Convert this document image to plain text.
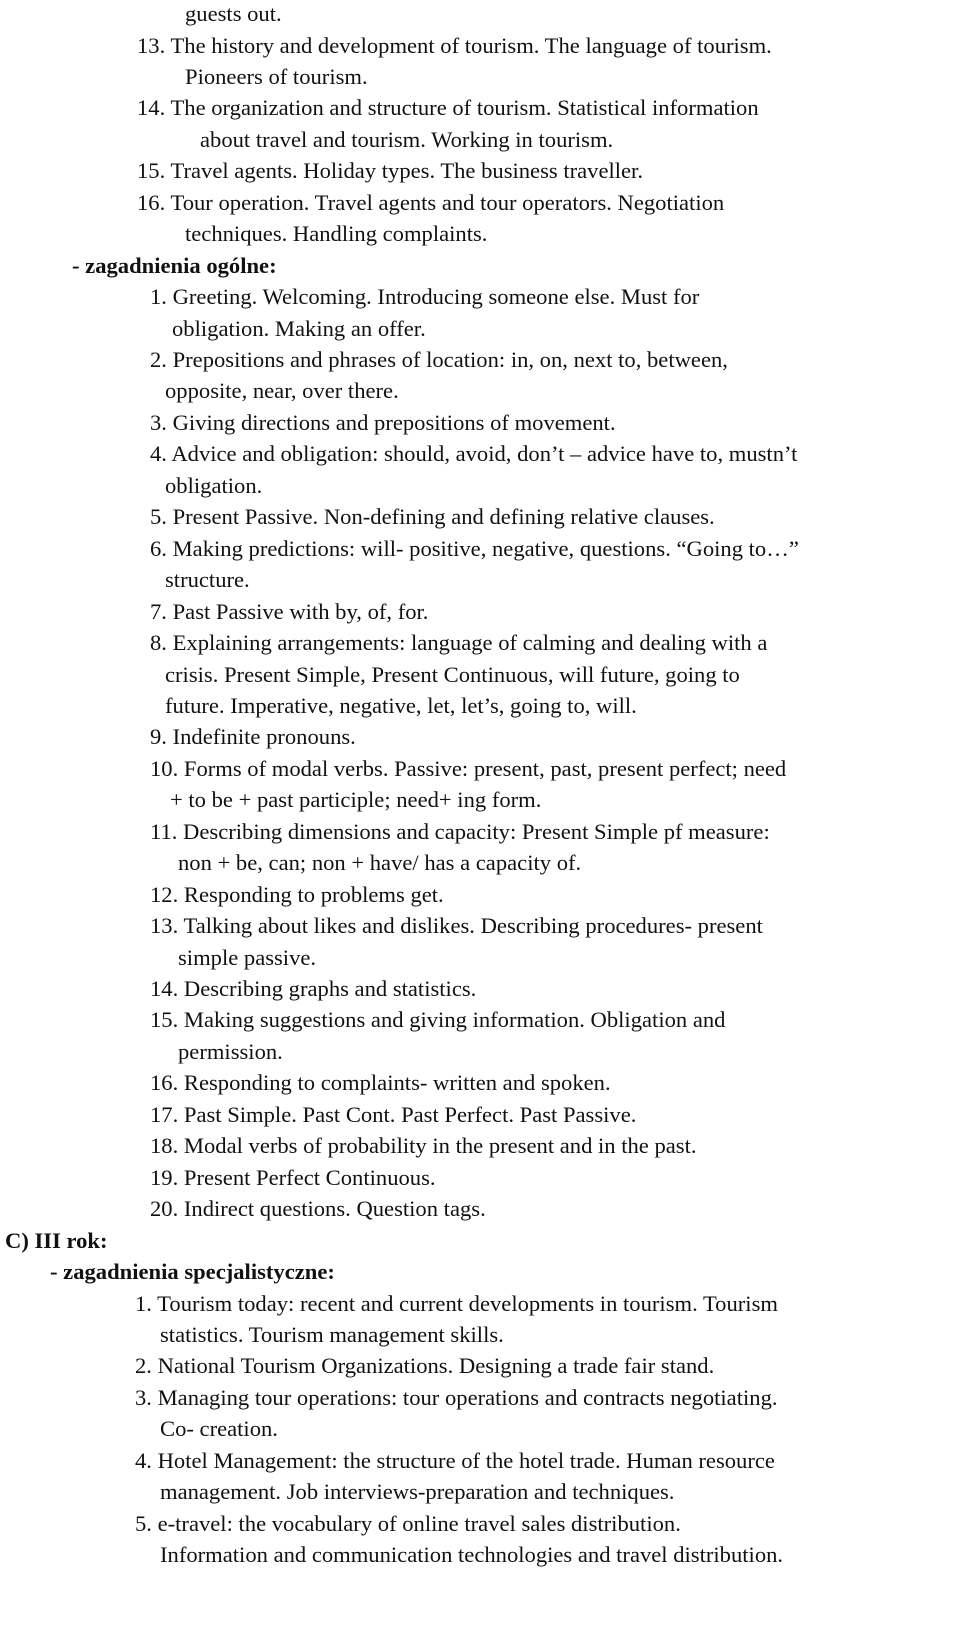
guests out.

13. The history and development of tourism. The language of tourism.

Pioneers of tourism.

14. The organization and structure of tourism. Statistical information

about travel and tourism. Working in tourism.

15. Travel agents. Holiday types. The business traveller.

16. Tour operation. Travel agents and tour operators. Negotiation

techniques. Handling complaints.

- zagadnienia ogólne:

1. Greeting. Welcoming. Introducing someone else. Must for

obligation. Making an offer.

2. Prepositions and phrases of location: in, on, next to, between,

opposite, near, over there.

3. Giving directions and prepositions of movement.

4. Advice and obligation: should, avoid, don’t – advice have to, mustn’t

obligation.

5. Present Passive. Non-defining and defining relative clauses.

6. Making predictions: will- positive, negative, questions. “Going to…”

structure.

7. Past Passive with by, of, for.

8. Explaining arrangements: language of calming and dealing with a

crisis. Present Simple, Present Continuous, will future, going to

future. Imperative, negative, let, let’s, going to, will.

9. Indefinite pronouns.

10. Forms of modal verbs. Passive: present, past, present perfect; need

+ to be + past participle; need+ ing form.

11. Describing dimensions and capacity: Present Simple pf measure:

non + be, can; non + have/ has a capacity of.

12. Responding to problems get.

13. Talking about likes and dislikes. Describing procedures- present

simple passive.

14. Describing graphs and statistics.

15. Making suggestions and giving information. Obligation and

permission.

16. Responding to complaints- written and spoken.

17. Past Simple. Past Cont. Past Perfect. Past Passive.

18. Modal verbs of probability in the present and in the past.

19. Present Perfect Continuous.

20. Indirect questions. Question tags.

C) III rok:

- zagadnienia specjalistyczne:

1. Tourism today: recent and current developments in tourism. Tourism

statistics. Tourism management skills.

2. National Tourism Organizations. Designing a trade fair stand.

3. Managing tour operations: tour operations and contracts negotiating.

Co- creation.

4. Hotel Management: the structure of the hotel trade. Human resource

management. Job interviews-preparation and techniques.

5. e-travel: the vocabulary of online travel sales distribution.

Information and communication technologies and travel distribution.
